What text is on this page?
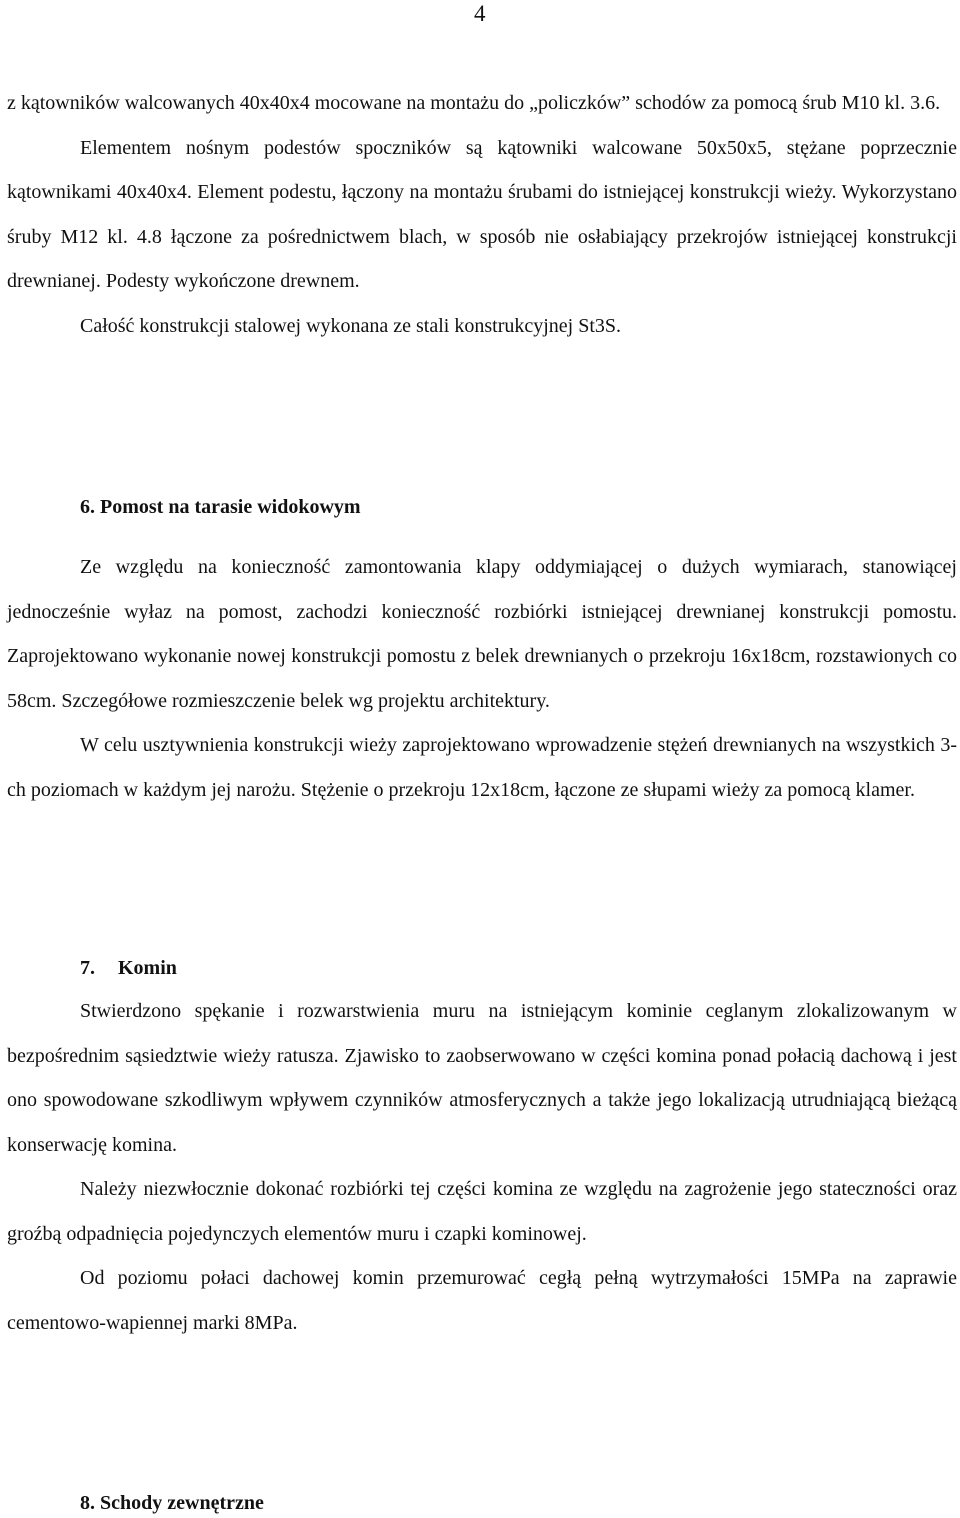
4

z kątowników walcowanych 40x40x4 mocowane na montażu do „policzków” schodów za pomocą śrub M10 kl. 3.6.

Elementem nośnym podestów spoczników są kątowniki walcowane 50x50x5, stężane poprzecznie kątownikami 40x40x4. Element podestu, łączony na montażu śrubami do istniejącej konstrukcji wieży. Wykorzystano śruby M12 kl. 4.8 łączone za pośrednictwem blach, w sposób nie osłabiający przekrojów istniejącej konstrukcji drewnianej. Podesty wykończone drewnem.

Całość konstrukcji stalowej wykonana ze stali konstrukcyjnej St3S.

6. Pomost na tarasie widokowym

Ze względu na konieczność zamontowania klapy oddymiającej o dużych wymiarach, stanowiącej jednocześnie wyłaz na pomost, zachodzi konieczność rozbiórki istniejącej drewnianej konstrukcji pomostu. Zaprojektowano wykonanie nowej konstrukcji pomostu z belek drewnianych o przekroju 16x18cm, rozstawionych co 58cm. Szczegółowe rozmieszczenie belek wg projektu architektury.

W celu usztywnienia konstrukcji wieży zaprojektowano wprowadzenie stężeń drewnianych na wszystkich 3-ch poziomach w każdym jej narożu. Stężenie o przekroju 12x18cm, łączone ze słupami wieży za pomocą klamer.

7. Komin

Stwierdzono spękanie i rozwarstwienia muru na istniejącym kominie ceglanym zlokalizowanym w bezpośrednim sąsiedztwie wieży ratusza. Zjawisko to zaobserwowano w części komina ponad połacią dachową i jest ono spowodowane szkodliwym wpływem czynników atmosferycznych a także jego lokalizacją utrudniającą bieżącą konserwację komina.

Należy niezwłocznie dokonać rozbiórki tej części komina ze względu na zagrożenie jego stateczności oraz groźbą odpadnięcia pojedynczych elementów muru i czapki kominowej.

Od poziomu połaci dachowej komin przemurować cegłą pełną wytrzymałości 15MPa na zaprawie cementowo-wapiennej marki 8MPa.

8. Schody zewnętrzne
